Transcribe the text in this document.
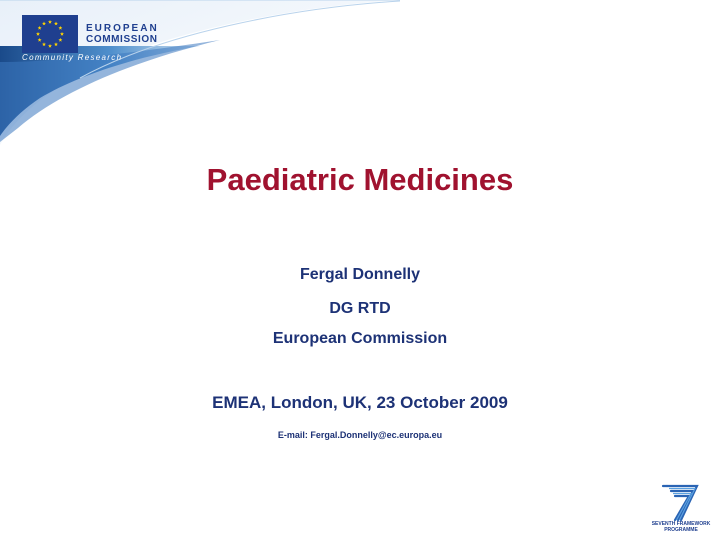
EUROPEAN
COMMISSION
Community Research
Paediatric Medicines
Fergal Donnelly
DG RTD
European Commission
EMEA, London, UK, 23 October 2009
E-mail: Fergal.Donnelly@ec.europa.eu
SEVENTH FRAMEWORK
PROGRAMME
